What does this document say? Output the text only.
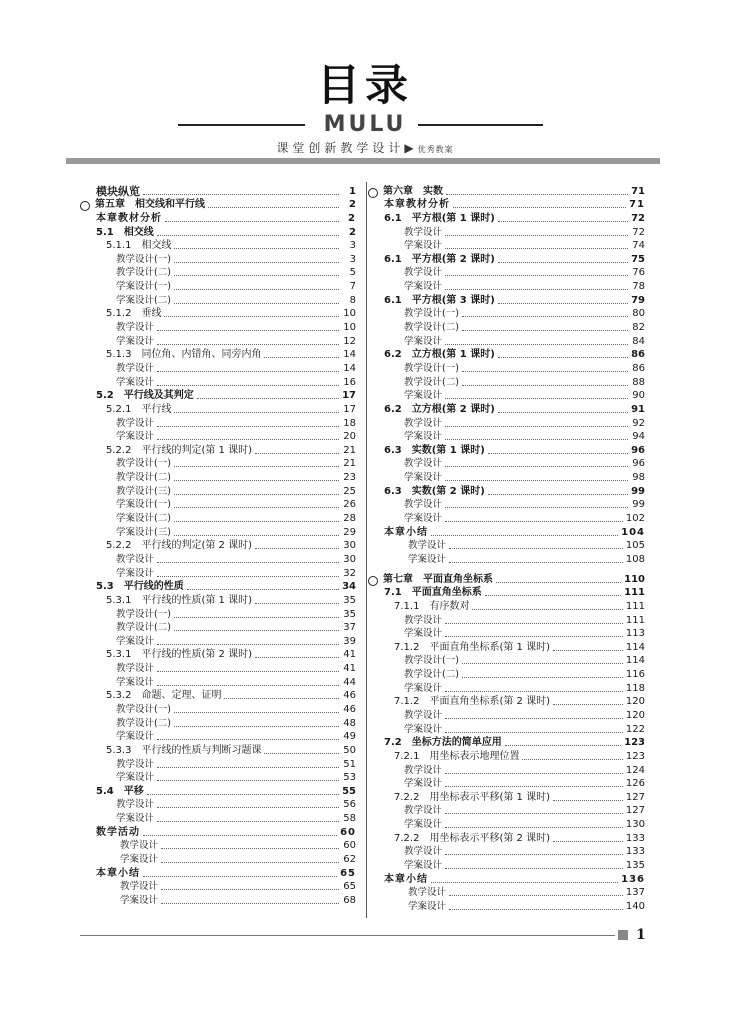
目录
MULU
课堂创新教学设计▶优秀教案
模块纵览	1
第五章　相交线和平行线	2
本章教材分析	2
5.1　相交线	2
5.1.1　相交线	3
教学设计(一)	3
教学设计(二)	5
学案设计(一)	7
学案设计(二)	8
5.1.2　垂线	10
教学设计	10
学案设计	12
5.1.3　同位角、内错角、同旁内角	14
教学设计	14
学案设计	16
5.2　平行线及其判定	17
5.2.1　平行线	17
教学设计	18
学案设计	20
5.2.2　平行线的判定(第 1 课时)	21
教学设计(一)	21
教学设计(二)	23
教学设计(三)	25
学案设计(一)	26
学案设计(二)	28
学案设计(三)	29
5.2.2　平行线的判定(第 2 课时)	30
教学设计	30
学案设计	32
5.3　平行线的性质	34
5.3.1　平行线的性质(第 1 课时)	35
教学设计(一)	35
教学设计(二)	37
学案设计	39
5.3.1　平行线的性质(第 2 课时)	41
教学设计	41
学案设计	44
5.3.2　命题、定理、证明	46
教学设计(一)	46
教学设计(二)	48
学案设计	49
5.3.3　平行线的性质与判断习题课	50
教学设计	51
学案设计	53
5.4　平移	55
教学设计	56
学案设计	58
数学活动	60
教学设计	60
学案设计	62
本章小结	65
教学设计	65
学案设计	68
第六章　实数	71
本章教材分析	71
6.1　平方根(第 1 课时)	72
教学设计	72
学案设计	74
6.1　平方根(第 2 课时)	75
教学设计	76
学案设计	78
6.1　平方根(第 3 课时)	79
教学设计(一)	80
教学设计(二)	82
学案设计	84
6.2　立方根(第 1 课时)	86
教学设计(一)	86
教学设计(二)	88
学案设计	90
6.2　立方根(第 2 课时)	91
教学设计	92
学案设计	94
6.3　实数(第 1 课时)	96
教学设计	96
学案设计	98
6.3　实数(第 2 课时)	99
教学设计	99
学案设计	102
本章小结	104
教学设计	105
学案设计	108
第七章　平面直角坐标系	110
7.1　平面直角坐标系	111
7.1.1　有序数对	111
教学设计	111
学案设计	113
7.1.2　平面直角坐标系(第 1 课时)	114
教学设计(一)	114
教学设计(二)	116
学案设计	118
7.1.2　平面直角坐标系(第 2 课时)	120
教学设计	120
学案设计	122
7.2　坐标方法的简单应用	123
7.2.1　用坐标表示地理位置	123
教学设计	124
学案设计	126
7.2.2　用坐标表示平移(第 1 课时)	127
教学设计	127
学案设计	130
7.2.2　用坐标表示平移(第 2 课时)	133
教学设计	133
学案设计	135
本章小结	136
教学设计	137
学案设计	140
1
